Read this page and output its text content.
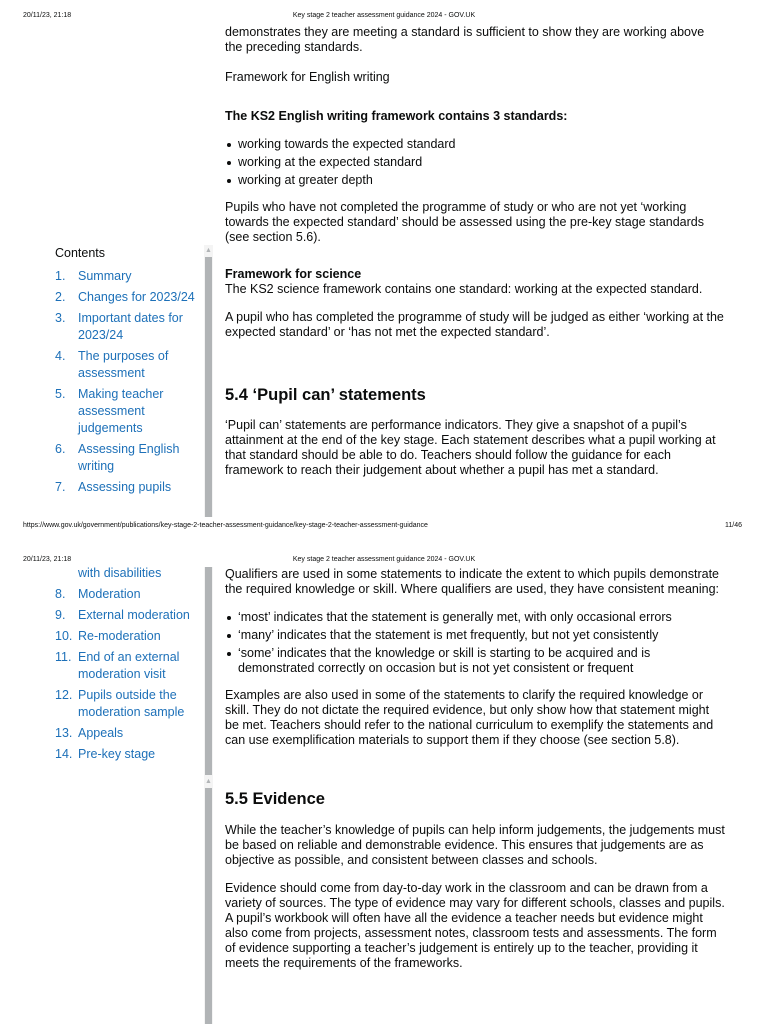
20/11/23, 21:18	Key stage 2 teacher assessment guidance 2024 - GOV.UK
▲
Contents
1.	Summary
2.	Changes for 2023/24
3.	Important dates for 2023/24
4.	The purposes of assessment
5.	Making teacher assessment judgements
6.	Assessing English writing
7.	Assessing pupils
demonstrates they are meeting a standard is sufficient to show they are working above the preceding standards.
Framework for English writing
The KS2 English writing framework contains 3 standards:
working towards the expected standard
working at the expected standard
working at greater depth
Pupils who have not completed the programme of study or who are not yet ‘working towards the expected standard’ should be assessed using the pre-key stage standards (see section 5.6).
Framework for science
The KS2 science framework contains one standard: working at the expected standard.
A pupil who has completed the programme of study will be judged as either ‘working at the expected standard’ or ‘has not met the expected standard’.
5.4 ‘Pupil can’ statements
‘Pupil can’ statements are performance indicators. They give a snapshot of a pupil’s attainment at the end of the key stage. Each statement describes what a pupil working at that standard should be able to do. Teachers should follow the guidance for each framework to reach their judgement about whether a pupil has met a standard.
https://www.gov.uk/government/publications/key-stage-2-teacher-assessment-guidance/key-stage-2-teacher-assessment-guidance	11/46
20/11/23, 21:18	Key stage 2 teacher assessment guidance 2024 - GOV.UK
▲
with disabilities
8.	Moderation
9.	External moderation
10. Re-moderation
11. End of an external moderation visit
12. Pupils outside the moderation sample
13. Appeals
14. Pre-key stage
Qualifiers are used in some statements to indicate the extent to which pupils demonstrate the required knowledge or skill. Where qualifiers are used, they have consistent meaning:
‘most’ indicates that the statement is generally met, with only occasional errors
‘many’ indicates that the statement is met frequently, but not yet consistently
‘some’ indicates that the knowledge or skill is starting to be acquired and is demonstrated correctly on occasion but is not yet consistent or frequent
Examples are also used in some of the statements to clarify the required knowledge or skill. They do not dictate the required evidence, but only show how that statement might be met. Teachers should refer to the national curriculum to exemplify the statements and can use exemplification materials to support them if they choose (see section 5.8).
5.5 Evidence
While the teacher’s knowledge of pupils can help inform judgements, the judgements must be based on reliable and demonstrable evidence. This ensures that judgements are as objective as possible, and consistent between classes and schools.
Evidence should come from day-to-day work in the classroom and can be drawn from a variety of sources. The type of evidence may vary for different schools, classes and pupils. A pupil’s workbook will often have all the evidence a teacher needs but evidence might also come from projects, assessment notes, classroom tests and assessments. The form of evidence supporting a teacher’s judgement is entirely up to the teacher, providing it meets the requirements of the frameworks.
